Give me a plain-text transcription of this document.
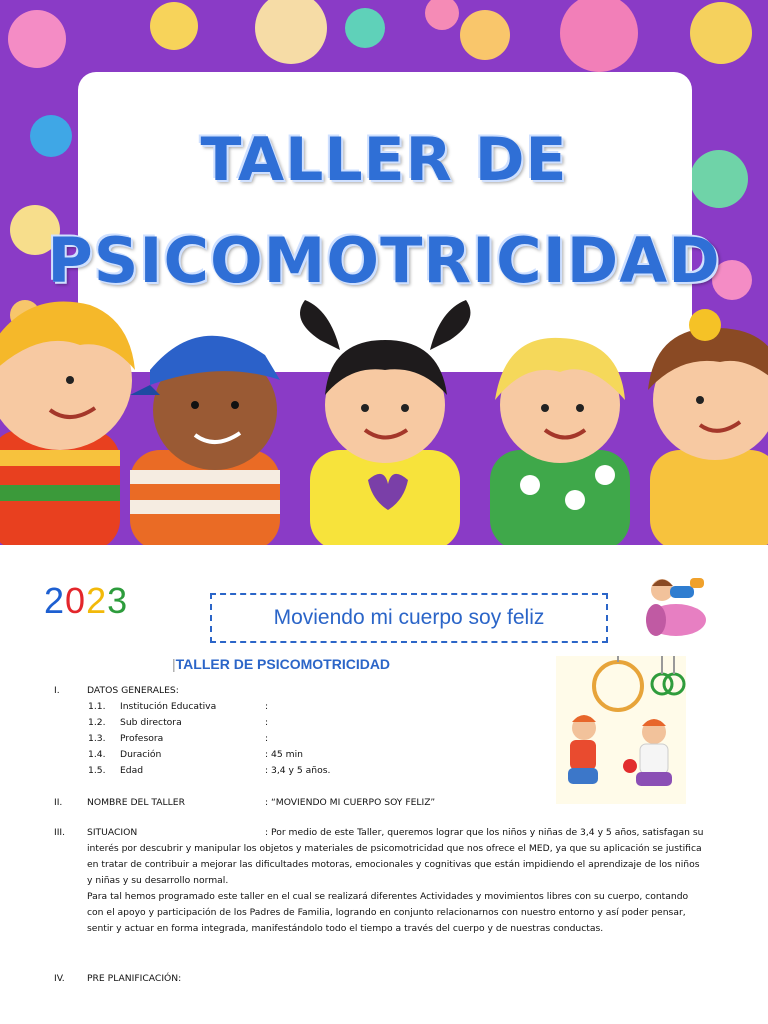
TALLER DE
PSICOMOTRICIDAD
2023	Moviendo mi cuerpo soy feliz
|TALLER DE PSICOMOTRICIDAD
I.	DATOS GENERALES:
1.1. Institución Educativa	:
1.2. Sub directora	:
1.3. Profesora	:
1.4. Duración	: 45 min
1.5. Edad	: 3,4 y 5 años.
II.	NOMBRE DEL TALLER	: “MOVIENDO MI CUERPO SOY FELIZ”
III. SITUACION	: Por medio de este Taller, queremos lograr que los niños y niñas de 3,4 y 5 años, satisfagan su
interés por descubrir y manipular los objetos y materiales de psicomotricidad que nos ofrece el MED, ya que su aplicación se justifica
en tratar de contribuir a mejorar las dificultades motoras, emocionales y cognitivas que están impidiendo el aprendizaje de los niños
y niñas y su desarrollo normal.
Para tal hemos programado este taller en el cual se realizará diferentes Actividades y movimientos libres con su cuerpo, contando
con el apoyo y participación de los Padres de Familia, logrando en conjunto relacionarnos con nuestro entorno y así poder pensar,
sentir y actuar en forma integrada, manifestándolo todo el tiempo a través del cuerpo y de nuestras conductas.
IV. PRE PLANIFICACIÓN:
